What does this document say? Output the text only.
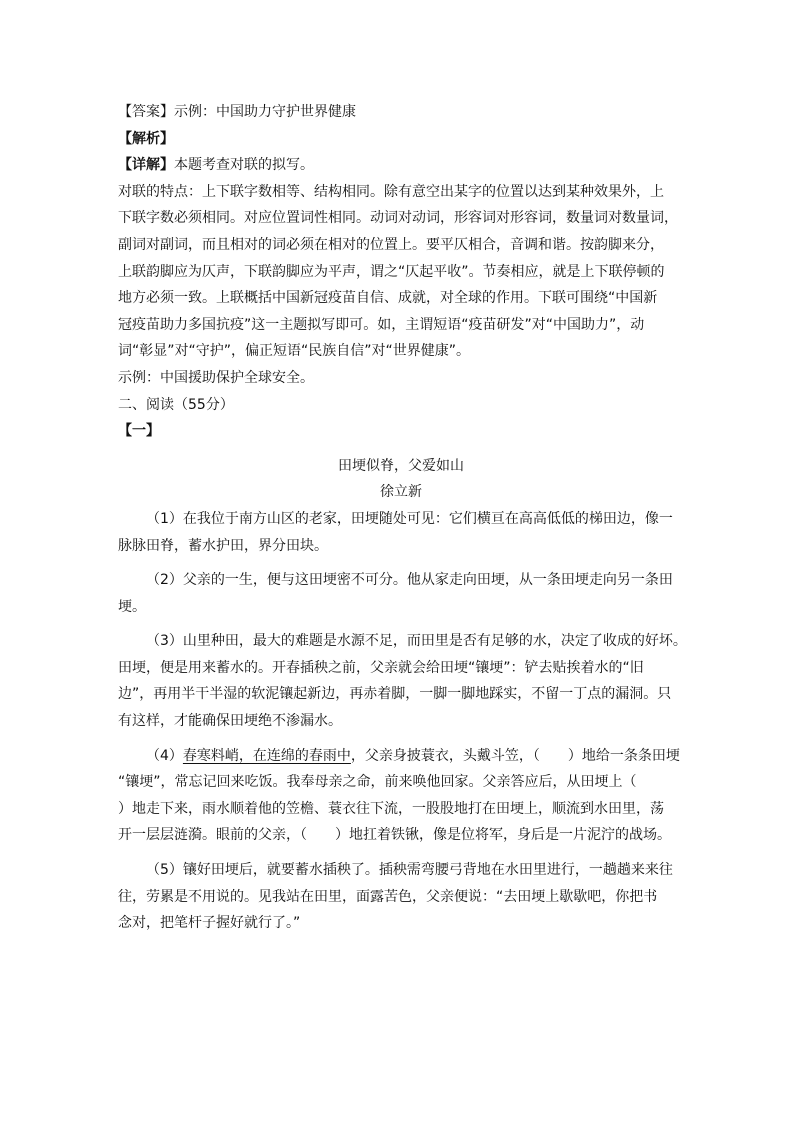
【答案】示例：中国助力守护世界健康
【解析】
【详解】本题考查对联的拟写。
对联的特点：上下联字数相等、结构相同。除有意空出某字的位置以达到某种效果外，上
下联字数必须相同。对应位置词性相同。动词对动词，形容词对形容词，数量词对数量词，
副词对副词，而且相对的词必须在相对的位置上。要平仄相合，音调和谐。按韵脚来分，
上联韵脚应为仄声，下联韵脚应为平声，谓之“仄起平收”。节奏相应，就是上下联停顿的
地方必须一致。上联概括中国新冠疫苗自信、成就，对全球的作用。下联可围绕“中国新
冠疫苗助力多国抗疫”这一主题拟写即可。如，主谓短语“疫苗研发”对“中国助力”，动
词“彰显”对“守护”，偏正短语“民族自信”对“世界健康”。
示例：中国援助保护全球安全。
二、阅读（55分）
【一】
田埂似脊，父爱如山
徐立新
（1）在我位于南方山区的老家，田埂随处可见：它们横亘在高高低低的梯田边，像一
脉脉田脊，蓄水护田，界分田块。
（2）父亲的一生，便与这田埂密不可分。他从家走向田埂，从一条田埂走向另一条田
埂。
（3）山里种田，最大的难题是水源不足，而田里是否有足够的水，决定了收成的好坏。
田埂，便是用来蓄水的。开春插秧之前，父亲就会给田埂“镶埂”：铲去贴挨着水的“旧
边”，再用半干半湿的软泥镶起新边，再赤着脚，一脚一脚地踩实，不留一丁点的漏洞。只
有这样，才能确保田埂绝不渗漏水。
（4）春寒料峭，在连绵的春雨中，父亲身披蓑衣，头戴斗笠，（　　）地给一条条田埂
“镶埂”，常忘记回来吃饭。我奉母亲之命，前来唤他回家。父亲答应后，从田埂上（
）地走下来，雨水顺着他的笠檐、蓑衣往下流，一股股地打在田埂上，顺流到水田里，荡
开一层层涟漪。眼前的父亲，（　　）地扛着铁锹，像是位将军，身后是一片泥泞的战场。
（5）镶好田埂后，就要蓄水插秧了。插秧需弯腰弓背地在水田里进行，一趟趟来来往
往，劳累是不用说的。见我站在田里，面露苦色，父亲便说：“去田埂上歇歇吧，你把书
念对，把笔杆子握好就行了。”
